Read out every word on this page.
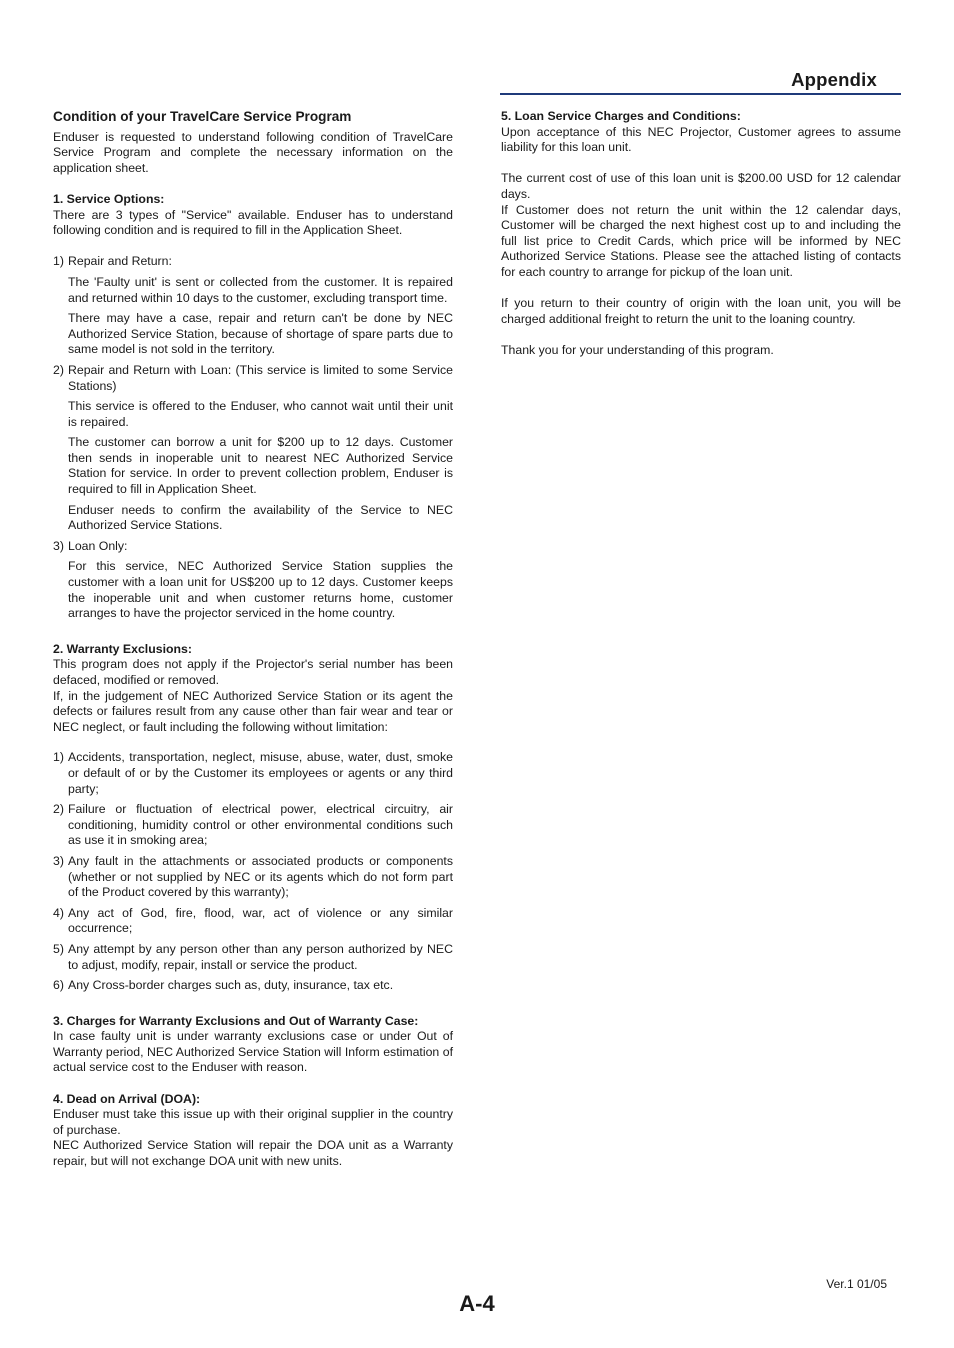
Appendix
Condition of your TravelCare Service Program

Enduser is requested to understand following condition of TravelCare Service Program and complete the necessary information on the application sheet.

1. Service Options:

There are 3 types of "Service" available. Enduser has to understand following condition and is required to fill in the Application Sheet.

1) Repair and Return:
The 'Faulty unit' is sent or collected from the customer. It is repaired and returned within 10 days to the customer, excluding transport time.
There may have a case, repair and return can't be done by NEC Authorized Service Station, because of shortage of spare parts due to same model is not sold in the territory.
2) Repair and Return with Loan: (This service is limited to some Service Stations)
This service is offered to the Enduser, who cannot wait until their unit is repaired.
The customer can borrow a unit for $200 up to 12 days. Customer then sends in inoperable unit to nearest NEC Authorized Service Station for service. In order to prevent collection problem, Enduser is required to fill in Application Sheet.
Enduser needs to confirm the availability of the Service to NEC Authorized Service Stations.
3) Loan Only:
For this service, NEC Authorized Service Station supplies the customer with a loan unit for US$200 up to 12 days. Customer keeps the inoperable unit and when customer returns home, customer arranges to have the projector serviced in the home country.
2. Warranty Exclusions:

This program does not apply if the Projector's serial number has been defaced, modified or removed.

If, in the judgement of NEC Authorized Service Station or its agent the defects or failures result from any cause other than fair wear and tear or NEC neglect, or fault including the following without limitation:

1) Accidents, transportation, neglect, misuse, abuse, water, dust, smoke or default of or by the Customer its employees or agents or any third party;
2) Failure or fluctuation of electrical power, electrical circuitry, air conditioning, humidity control or other environmental conditions such as use it in smoking area;
3) Any fault in the attachments or associated products or components (whether or not supplied by NEC or its agents which do not form part of the Product covered by this warranty);
4) Any act of God, fire, flood, war, act of violence or any similar occurrence;
5) Any attempt by any person other than any person authorized by NEC to adjust, modify, repair, install or service the product.
6) Any Cross-border charges such as, duty, insurance, tax etc.
3. Charges for Warranty Exclusions and Out of Warranty Case:

In case faulty unit is under warranty exclusions case or under Out of Warranty period, NEC Authorized Service Station will Inform estimation of actual service cost to the Enduser with reason.

4. Dead on Arrival (DOA):

Enduser must take this issue up with their original supplier in the country of purchase.

NEC Authorized Service Station will repair the DOA unit as a Warranty repair, but will not exchange DOA unit with new units.

5. Loan Service Charges and Conditions:

Upon acceptance of this NEC Projector, Customer agrees to assume liability for this loan unit.

The current cost of use of this loan unit is $200.00 USD for 12 calendar days.

If Customer does not return the unit within the 12 calendar days, Customer will be charged the next highest cost up to and including the full list price to Credit Cards, which price will be informed by NEC Authorized Service Stations. Please see the attached listing of contacts for each country to arrange for pickup of the loan unit.

If you return to their country of origin with the loan unit, you will be charged additional freight to return the unit to the loaning country.

Thank you for your understanding of this program.

Ver.1 01/05
A-4
